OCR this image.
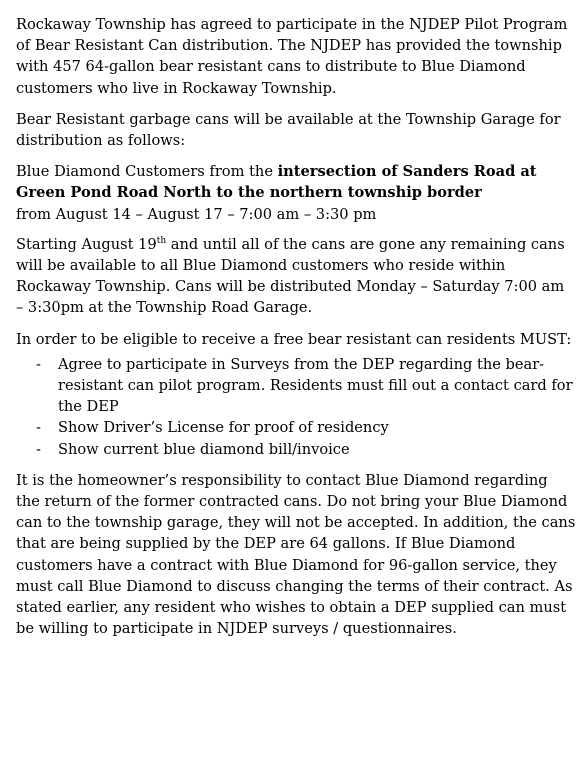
Rockaway Township has agreed to participate in the NJDEP Pilot Program of Bear Resistant Can distribution. The NJDEP has provided the township with 457 64-gallon bear resistant cans to distribute to Blue Diamond customers who live in Rockaway Township.

Bear Resistant garbage cans will be available at the Township Garage for distribution as follows:

Blue Diamond Customers from the intersection of Sanders Road at Green Pond Road North to the northern township border
from August 14 – August 17 – 7:00 am – 3:30 pm

Starting August 19th and until all of the cans are gone any remaining cans will be available to all Blue Diamond customers who reside within Rockaway Township. Cans will be distributed Monday – Saturday 7:00 am – 3:30pm at the Township Road Garage.

In order to be eligible to receive a free bear resistant can residents MUST:

- Agree to participate in Surveys from the DEP regarding the bear-resistant can pilot program. Residents must fill out a contact card for the DEP
- Show Driver’s License for proof of residency
- Show current blue diamond bill/invoice

It is the homeowner’s responsibility to contact Blue Diamond regarding the return of the former contracted cans. Do not bring your Blue Diamond can to the township garage, they will not be accepted. In addition, the cans that are being supplied by the DEP are 64 gallons. If Blue Diamond customers have a contract with Blue Diamond for 96-gallon service, they must call Blue Diamond to discuss changing the terms of their contract. As stated earlier, any resident who wishes to obtain a DEP supplied can must be willing to participate in NJDEP surveys / questionnaires.
